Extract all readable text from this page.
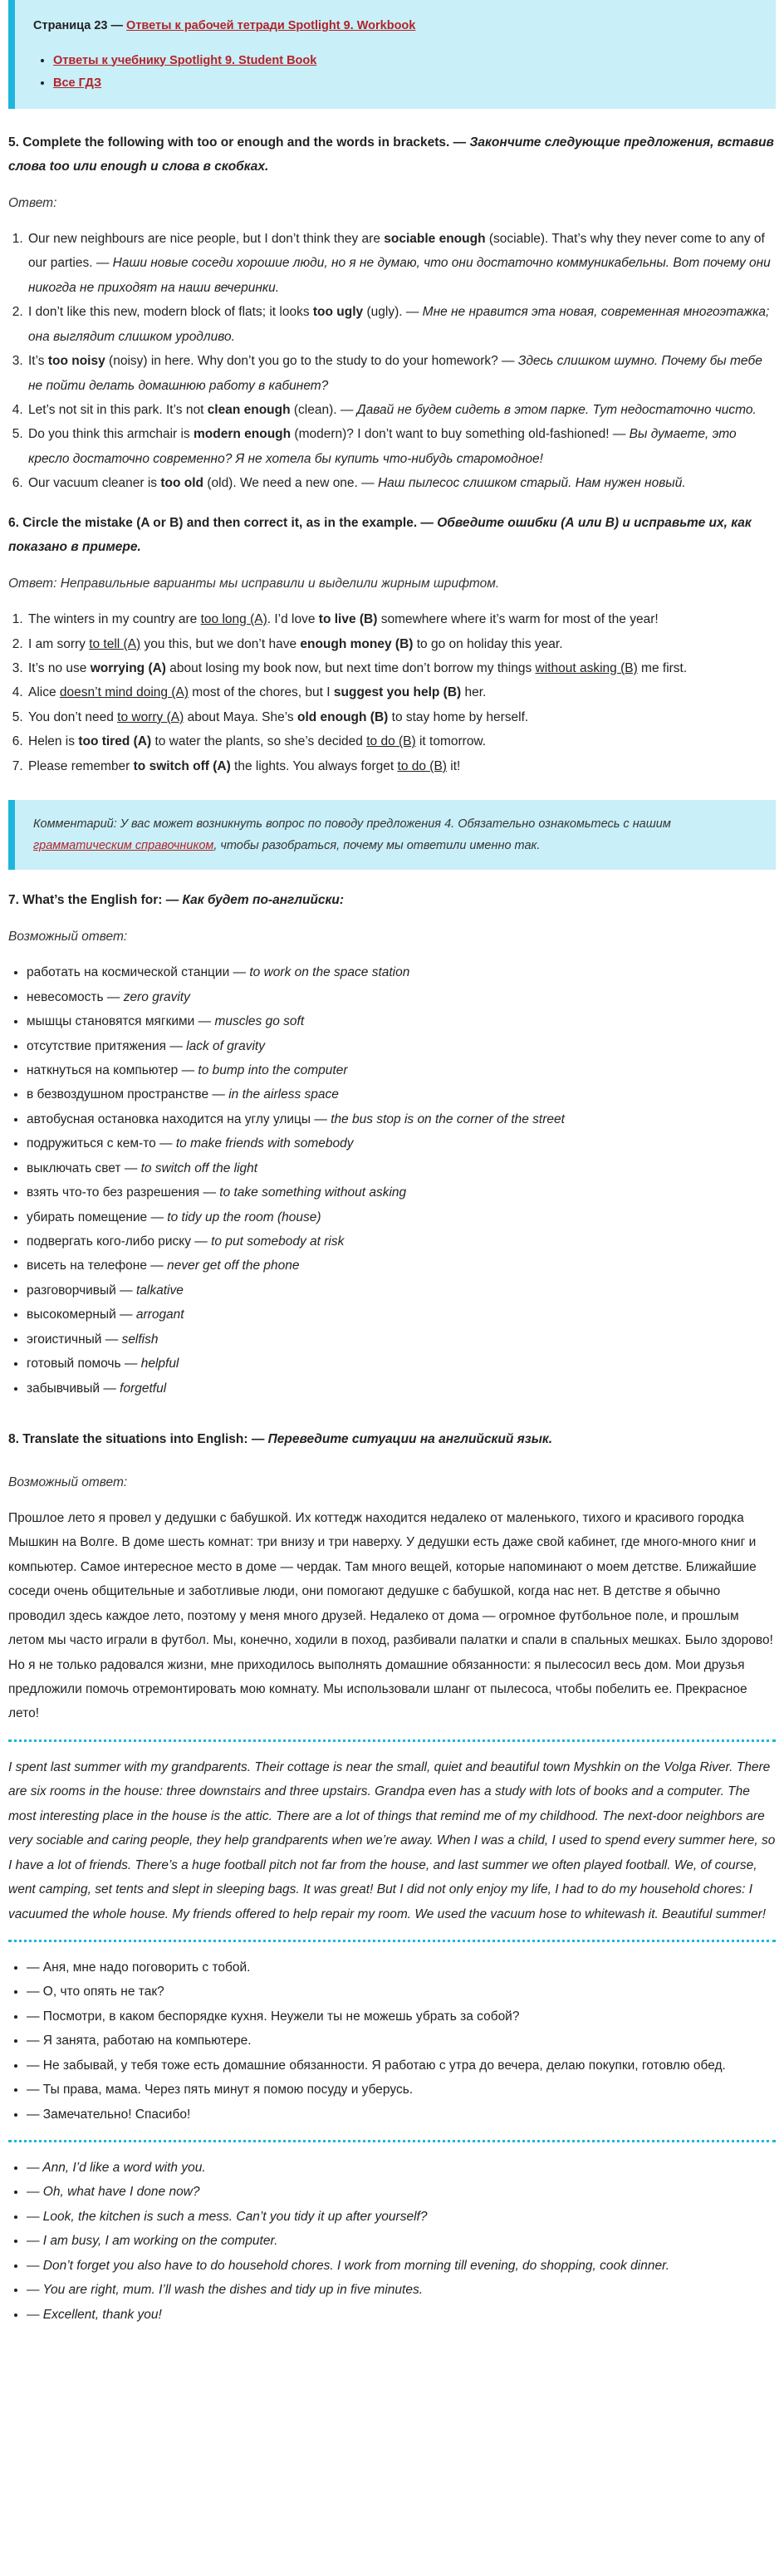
Страница 23 — Ответы к рабочей тетради Spotlight 9. Workbook
• Ответы к учебнику Spotlight 9. Student Book
• Все ГДЗ
5. Complete the following with too or enough and the words in brackets. — Закончите следующие предложения, вставив слова too или enough и слова в скобках.
Ответ:
1. Our new neighbours are nice people, but I don’t think they are sociable enough (sociable). That’s why they never come to any of our parties. — Наши новые соседи хорошие люди, но я не думаю, что они достаточно коммуникабельны. Вот почему они никогда не приходят на наши вечеринки.
2. I don’t like this new, modern block of flats; it looks too ugly (ugly). — Мне не нравится эта новая, современная многоэтажка; она выглядит слишком уродливо.
3. It’s too noisy (noisy) in here. Why don’t you go to the study to do your homework? — Здесь слишком шумно. Почему бы тебе не пойти делать домашнюю работу в кабинет?
4. Let’s not sit in this park. It’s not clean enough (clean). — Давай не будем сидеть в этом парке. Тут недостаточно чисто.
5. Do you think this armchair is modern enough (modern)? I don’t want to buy something old-fashioned! — Вы думаете, это кресло достаточно современно? Я не хотела бы купить что-нибудь старомодное!
6. Our vacuum cleaner is too old (old). We need a new one. — Наш пылесос слишком старый. Нам нужен новый.
6. Circle the mistake (A or B) and then correct it, as in the example. — Обведите ошибки (А или В) и исправьте их, как показано в примере.
Ответ: Неправильные варианты мы исправили и выделили жирным шрифтом.
1. The winters in my country are too long (A). I’d love to live (B) somewhere where it’s warm for most of the year!
2. I am sorry to tell (A) you this, but we don’t have enough money (B) to go on holiday this year.
3. It’s no use worrying (A) about losing my book now, but next time don’t borrow my things without asking (B) me first.
4. Alice doesn’t mind doing (A) most of the chores, but I suggest you help (B) her.
5. You don’t need to worry (A) about Maya. She’s old enough (B) to stay home by herself.
6. Helen is too tired (A) to water the plants, so she’s decided to do (B) it tomorrow.
7. Please remember to switch off (A) the lights. You always forget to do (B) it!
Комментарий: У вас может возникнуть вопрос по поводу предложения 4. Обязательно ознакомьтесь с нашим грамматическим справочником, чтобы разобраться, почему мы ответили именно так.
7. What’s the English for: — Как будет по-английски:
Возможный ответ:
• работать на космической станции — to work on the space station
• невесомость — zero gravity
• мышцы становятся мягкими — muscles go soft
• отсутствие притяжения — lack of gravity
• наткнуться на компьютер — to bump into the computer
• в безвоздушном пространстве — in the airless space
• автобусная остановка находится на углу улицы — the bus stop is on the corner of the street
• подружиться с кем-то — to make friends with somebody
• выключать свет — to switch off the light
• взять что-то без разрешения — to take something without asking
• убирать помещение — to tidy up the room (house)
• подвергать кого-либо риску — to put somebody at risk
• висеть на телефоне — never get off the phone
• разговорчивый — talkative
• высокомерный — arrogant
• эгоистичный — selfish
• готовый помочь — helpful
• забывчивый — forgetful
8. Translate the situations into English: — Переведите ситуации на английский язык.
Возможный ответ:

Прошлое лето я провел у дедушки с бабушкой. Их коттедж находится недалеко от маленького, тихого и красивого городка Мышкин на Волге. В доме шесть комнат: три внизу и три наверху. У дедушки есть даже свой кабинет, где много-много книг и компьютер. Самое интересное место в доме — чердак. Там много вещей, которые напоминают о моем детстве. Ближайшие соседи очень общительные и заботливые люди, они помогают дедушке с бабушкой, когда нас нет. В детстве я обычно проводил здесь каждое лето, поэтому у меня много друзей. Недалеко от дома — огромное футбольное поле, и прошлым летом мы часто играли в футбол. Мы, конечно, ходили в поход, разбивали палатки и спали в спальных мешках. Было здорово! Но я не только радовался жизни, мне приходилось выполнять домашние обязанности: я пылесосил весь дом. Мои друзья предложили помочь отремонтировать мою комнату. Мы использовали шланг от пылесоса, чтобы побелить ее. Прекрасное лето!

I spent last summer with my grandparents. Their cottage is near the small, quiet and beautiful town Myshkin on the Volga River. There are six rooms in the house: three downstairs and three upstairs. Grandpa even has a study with lots of books and a computer. The most interesting place in the house is the attic. There are a lot of things that remind me of my childhood. The next-door neighbors are very sociable and caring people, they help grandparents when we’re away. When I was a child, I used to spend every summer here, so I have a lot of friends. There’s a huge football pitch not far from the house, and last summer we often played football. We, of course, went camping, set tents and slept in sleeping bags. It was great! But I did not only enjoy my life, I had to do my household chores: I vacuumed the whole house. My friends offered to help repair my room. We used the vacuum hose to whitewash it. Beautiful summer!

• — Аня, мне надо поговорить с тобой.
• — О, что опять не так?
• — Посмотри, в каком беспорядке кухня. Неужели ты не можешь убрать за собой?
• — Я занята, работаю на компьютере.
• — Не забывай, у тебя тоже есть домашние обязанности. Я работаю с утра до вечера, делаю покупки, готовлю обед.
• — Ты права, мама. Через пять минут я помою посуду и уберусь.
• — Замечательно! Спасибо!
• — Ann, I’d like a word with you.
• — Oh, what have I done now?
• — Look, the kitchen is such a mess. Can’t you tidy it up after yourself?
• — I am busy, I am working on the computer.
• — Don’t forget you also have to do household chores. I work from morning till evening, do shopping, cook dinner.
• — You are right, mum. I’ll wash the dishes and tidy up in five minutes.
• — Excellent, thank you!
